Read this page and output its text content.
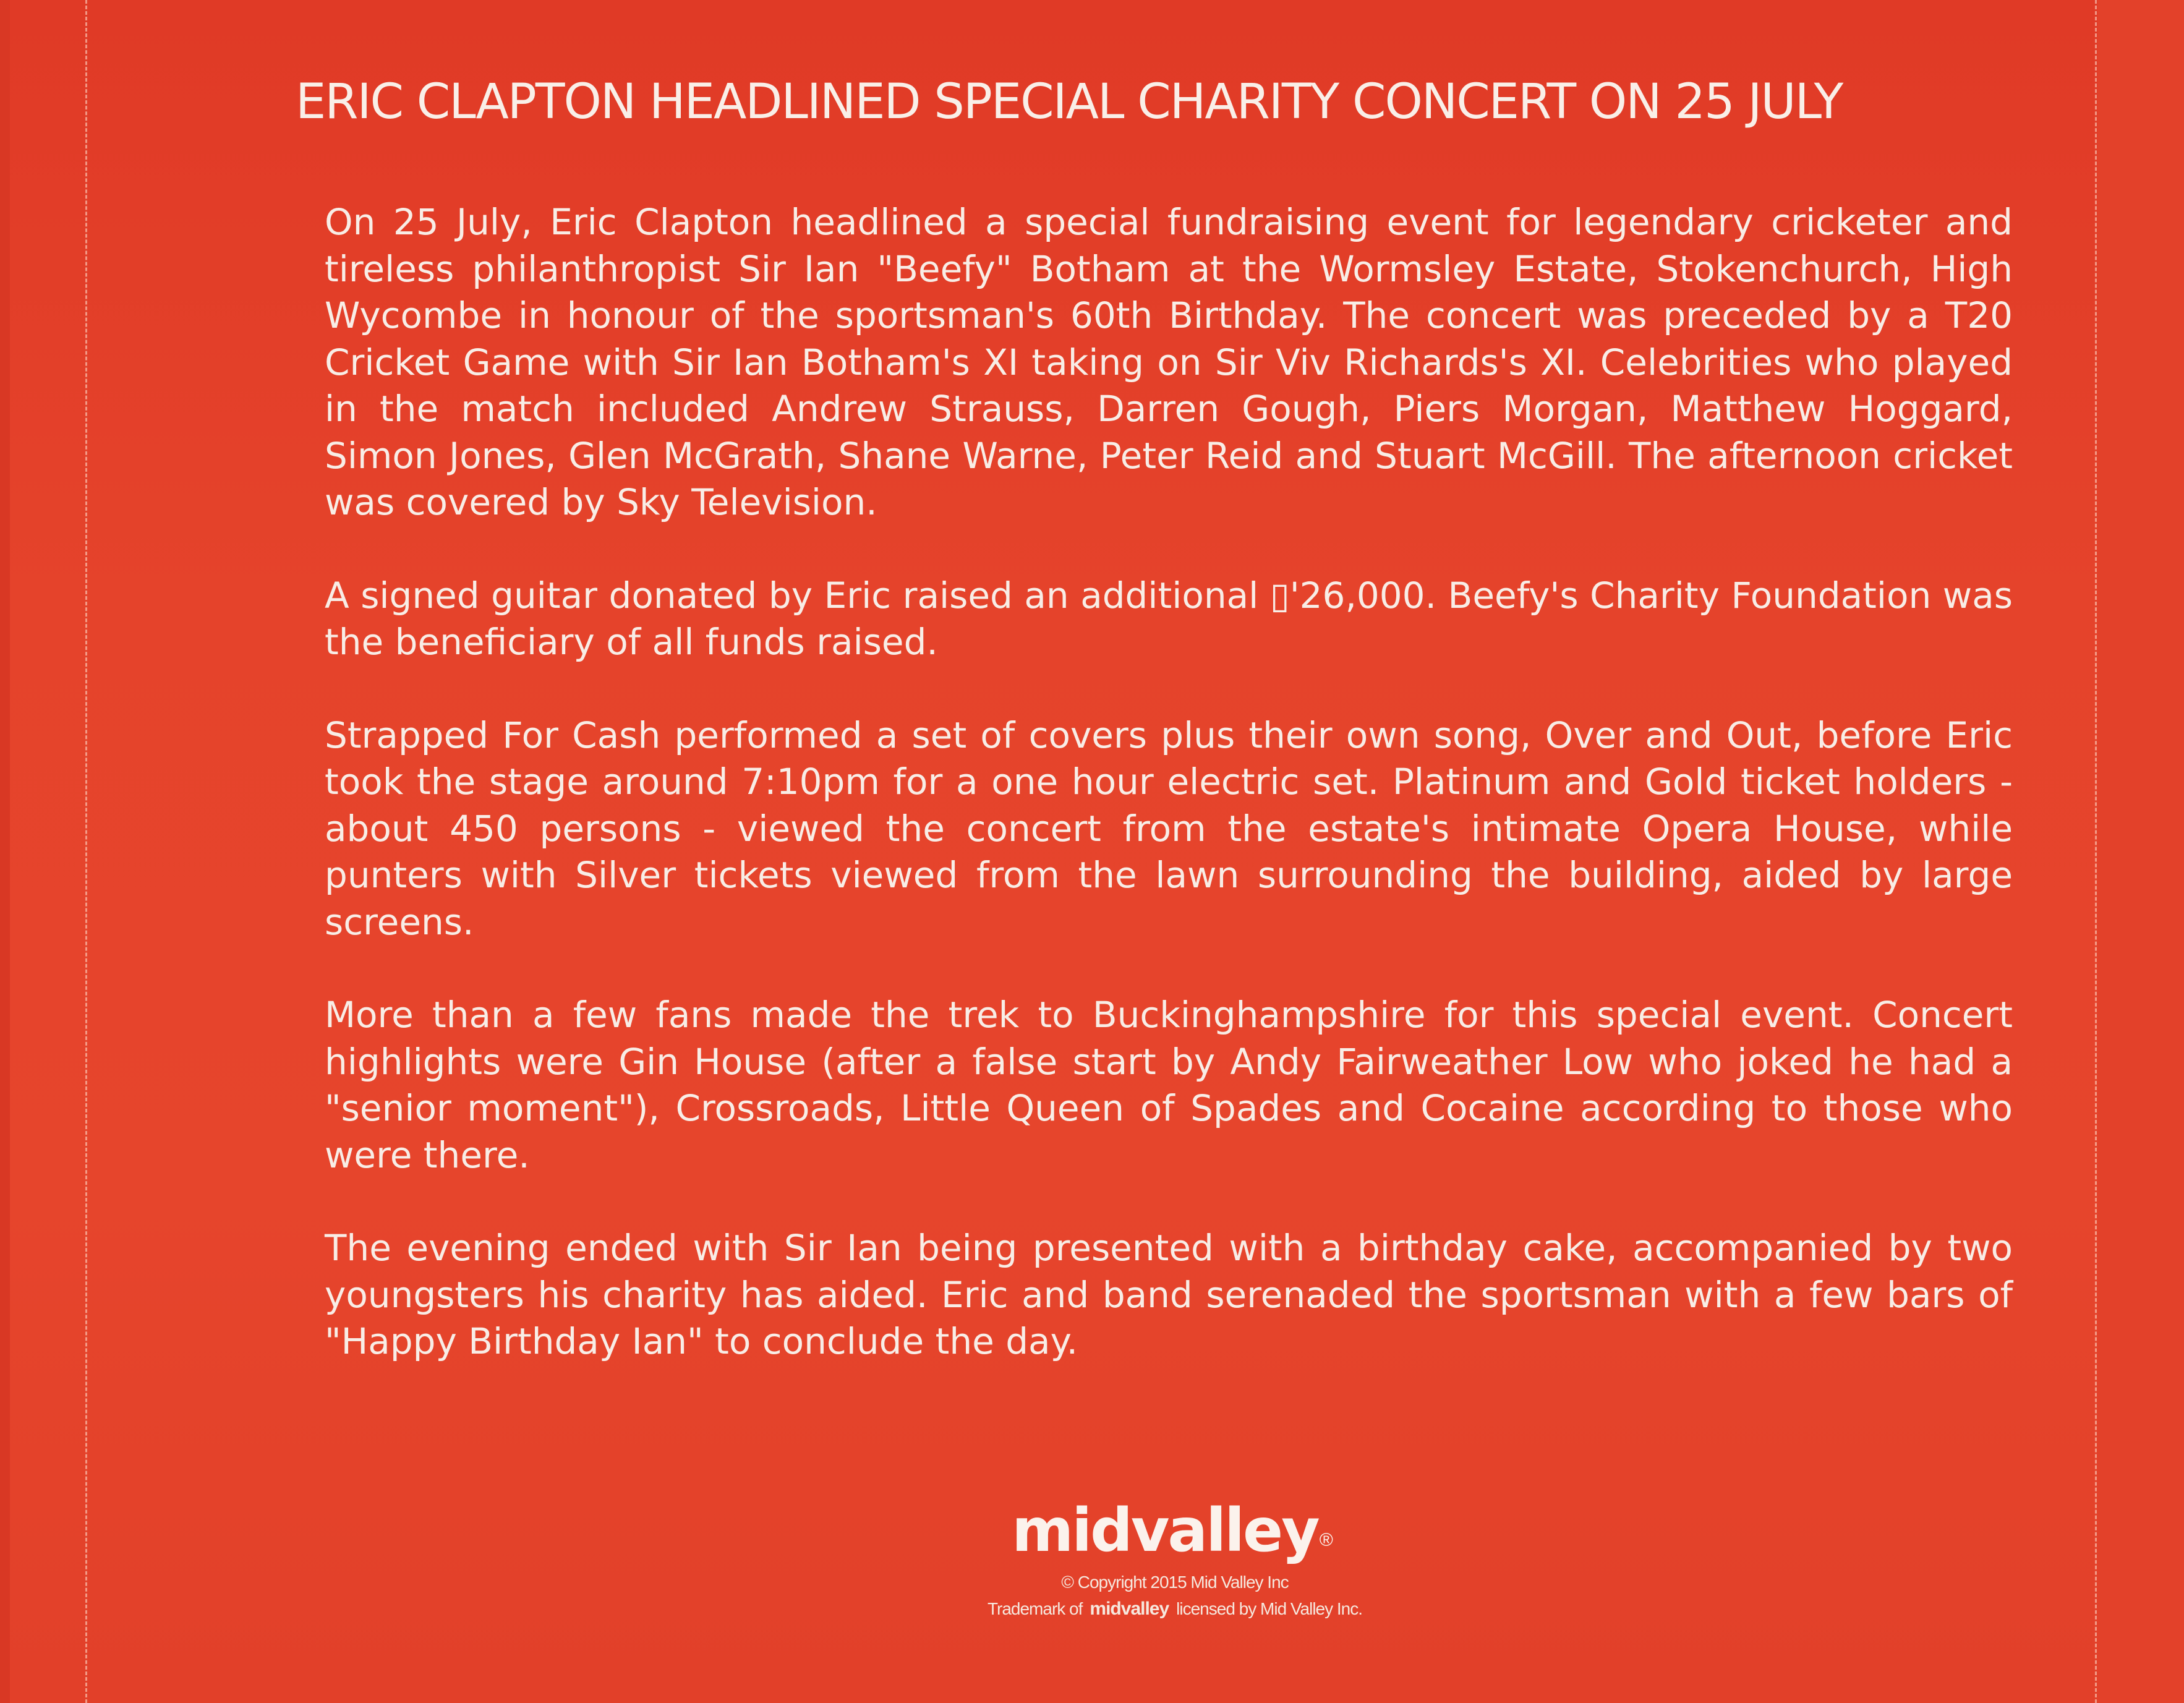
ERIC CLAPTON HEADLINED SPECIAL CHARITY CONCERT ON 25 JULY

On 25 July, Eric Clapton headlined a special fundraising event for legendary cricketer and tireless philanthropist Sir Ian "Beefy" Botham at the Wormsley Estate, Stokenchurch, High Wycombe in honour of the sportsman's 60th Birthday. The concert was preceded by a T20 Cricket Game with Sir Ian Botham's XI taking on Sir Viv Richards's XI. Celebrities who played in the match included Andrew Strauss, Darren Gough, Piers Morgan, Matthew Hoggard, Simon Jones, Glen McGrath, Shane Warne, Peter Reid and Stuart McGill. The afternoon cricket was covered by Sky Television.

A signed guitar donated by Eric raised an additional ▯'26,000. Beefy's Charity Foundation was the beneficiary of all funds raised.

Strapped For Cash performed a set of covers plus their own song, Over and Out, before Eric took the stage around 7:10pm for a one hour electric set. Platinum and Gold ticket holders - about 450 persons - viewed the concert from the estate's intimate Opera House, while punters with Silver tickets viewed from the lawn surrounding the building, aided by large screens.

More than a few fans made the trek to Buckinghampshire for this special event. Concert highlights were Gin House (after a false start by Andy Fairweather Low who joked he had a "senior moment"), Crossroads, Little Queen of Spades and Cocaine according to those who were there.

The evening ended with Sir Ian being presented with a birthday cake, accompanied by two youngsters his charity has aided. Eric and band serenaded the sportsman with a few bars of "Happy Birthday Ian" to conclude the day.

midvalley®
© Copyright 2015 Mid Valley Inc
Trademark of midvalley licensed by Mid Valley Inc.
